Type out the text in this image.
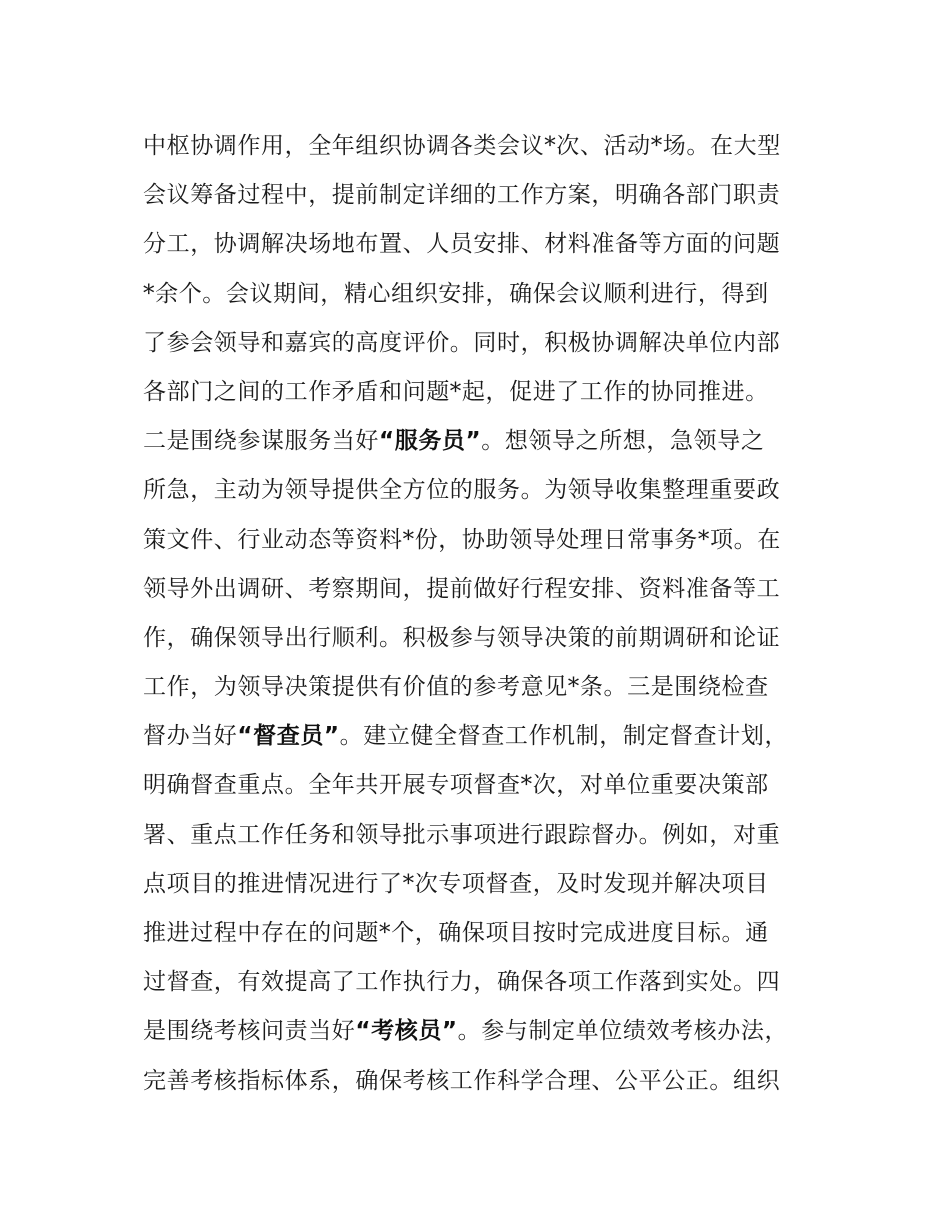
中枢协调作用，全年组织协调各类会议*次、活动*场。在大型
会议筹备过程中，提前制定详细的工作方案，明确各部门职责
分工，协调解决场地布置、人员安排、材料准备等方面的问题
*余个。会议期间，精心组织安排，确保会议顺利进行，得到
了参会领导和嘉宾的高度评价。同时，积极协调解决单位内部
各部门之间的工作矛盾和问题*起，促进了工作的协同推进。
二是围绕参谋服务当好“服务员”。想领导之所想，急领导之
所急，主动为领导提供全方位的服务。为领导收集整理重要政
策文件、行业动态等资料*份，协助领导处理日常事务*项。在
领导外出调研、考察期间，提前做好行程安排、资料准备等工
作，确保领导出行顺利。积极参与领导决策的前期调研和论证
工作，为领导决策提供有价值的参考意见*条。三是围绕检查
督办当好“督查员”。建立健全督查工作机制，制定督查计划，
明确督查重点。全年共开展专项督查*次，对单位重要决策部
署、重点工作任务和领导批示事项进行跟踪督办。例如，对重
点项目的推进情况进行了*次专项督查，及时发现并解决项目
推进过程中存在的问题*个，确保项目按时完成进度目标。通
过督查，有效提高了工作执行力，确保各项工作落到实处。四
是围绕考核问责当好“考核员”。参与制定单位绩效考核办法，
完善考核指标体系，确保考核工作科学合理、公平公正。组织
